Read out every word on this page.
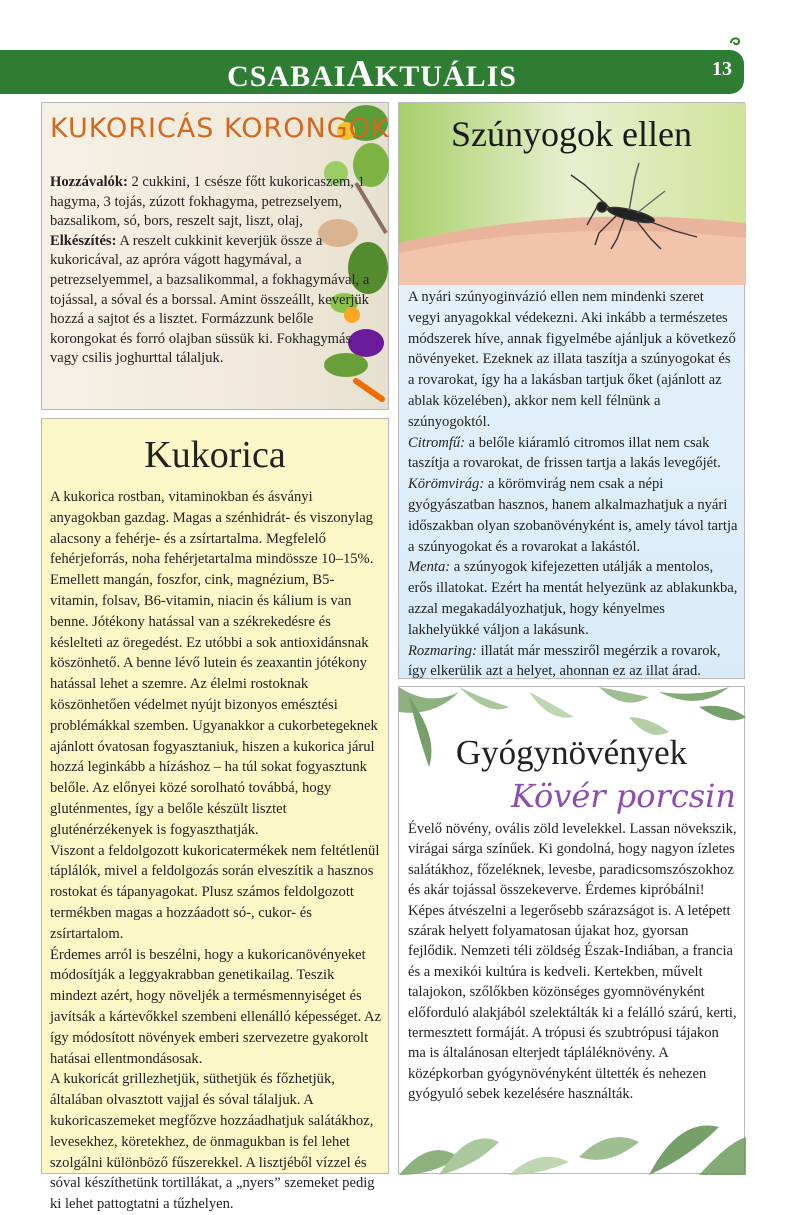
CSABAIAKTUÁLIS	13
KUKORICÁS KORONGOK

Hozzávalók: 2 cukkini, 1 csésze főtt kukoricaszem, 1 hagyma, 3 tojás, zúzott fokhagyma, petrezselyem, bazsalikom, só, bors, reszelt sajt, liszt, olaj,

Elkészítés: A reszelt cukkinit keverjük össze a kukoricával, az apróra vágott hagymával, a petrezselyemmel, a bazsalikommal, a fokhagymával, a tojással, a sóval és a borssal. Amint összeállt, keverjük hozzá a sajtot és a lisztet. Formázzunk belőle korongokat és forró olajban süssük ki. Fokhagymás vagy csilis joghurttal tálaljuk.

Kukorica

A kukorica rostban, vitaminokban és ásványi anyagokban gazdag. Magas a szénhidrát- és viszonylag alacsony a fehérje- és a zsírtartalma. Megfelelő fehérjeforrás, noha fehérjetartalma mindössze 10–15%. Emellett mangán, foszfor, cink, magnézium, B5-vitamin, folsav, B6-vitamin, niacin és kálium is van benne. Jótékony hatással van a székrekedésre és késlelteti az öregedést. Ez utóbbi a sok antioxidánsnak köszönhető. A benne lévő lutein és zeaxantin jótékony hatással lehet a szemre. Az élelmi rostoknak köszönhetően védelmet nyújt bizonyos emésztési problémákkal szemben. Ugyanakkor a cukorbetegeknek ajánlott óvatosan fogyasztaniuk, hiszen a kukorica járul hozzá leginkább a hízáshoz – ha túl sokat fogyasztunk belőle. Az előnyei közé sorolható továbbá, hogy gluténmentes, így a belőle készült lisztet gluténérzékenyek is fogyaszthatják.

Viszont a feldolgozott kukoricatermékek nem feltétlenül táplálók, mivel a feldolgozás során elveszítik a hasznos rostokat és tápanyagokat. Plusz számos feldolgozott termékben magas a hozzáadott só-, cukor- és zsírtartalom.

Érdemes arról is beszélni, hogy a kukoricanövényeket módosítják a leggyakrabban genetikailag. Teszik mindezt azért, hogy növeljék a termésmennyiséget és javítsák a kártevőkkel szembeni ellenálló képességet. Az így módosított növények emberi szervezetre gyakorolt hatásai ellentmondásosak.

A kukoricát grillezhetjük, süthetjük és főzhetjük, általában olvasztott vajjal és sóval tálaljuk. A kukoricaszemeket megfőzve hozzáadhatjuk salátákhoz, levesekhez, köretekhez, de önmagukban is fel lehet szolgálni különböző fűszerekkel. A lisztjéből vízzel és sóval készíthetünk tortillákat, a „nyers” szemeket pedig ki lehet pattogtatni a tűzhelyen.

Szúnyogok ellen

A nyári szúnyoginvázió ellen nem mindenki szeret vegyi anyagokkal védekezni. Aki inkább a természetes módszerek híve, annak figyelmébe ajánljuk a következő növényeket. Ezeknek az illata taszítja a szúnyogokat és a rovarokat, így ha a lakásban tartjuk őket (ajánlott az ablak közelében), akkor nem kell félnünk a szúnyogoktól.

Citromfű: a belőle kiáramló citromos illat nem csak taszítja a rovarokat, de frissen tartja a lakás levegőjét.

Körömvirág: a körömvirág nem csak a népi gyógyászatban hasznos, hanem alkalmazhatjuk a nyári időszakban olyan szobanövényként is, amely távol tartja a szúnyogokat és a rovarokat a lakástól.

Menta: a szúnyogok kifejezetten utálják a mentolos, erős illatokat. Ezért ha mentát helyezünk az ablakunkba, azzal megakadályozhatjuk, hogy kényelmes lakhelyükké váljon a lakásunk.

Rozmaring: illatát már messziről megérzik a rovarok, így elkerülik azt a helyet, ahonnan ez az illat árad.

Gyógynövények
Kövér porcsin

Évelő növény, ovális zöld levelekkel. Lassan növekszik, virágai sárga színűek. Ki gondolná, hogy nagyon ízletes salátákhoz, főzeléknek, levesbe, paradicsomszószokhoz és akár tojással összekeverve. Érdemes kipróbálni! Képes átvészelni a legerősebb szárazságot is. A letépett szárak helyett folyamatosan újakat hoz, gyorsan fejlődik. Nemzeti téli zöldség Észak-Indiában, a francia és a mexikói kultúra is kedveli. Kertekben, művelt talajokon, szőlőkben közönséges gyomnövényként előforduló alakjából szelektálták ki a felálló szárú, kerti, termesztett formáját. A trópusi és szubtrópusi tájakon ma is általánosan elterjedt tápláléknövény. A középkorban gyógynövényként ültették és nehezen gyógyuló sebek kezelésére használták.
